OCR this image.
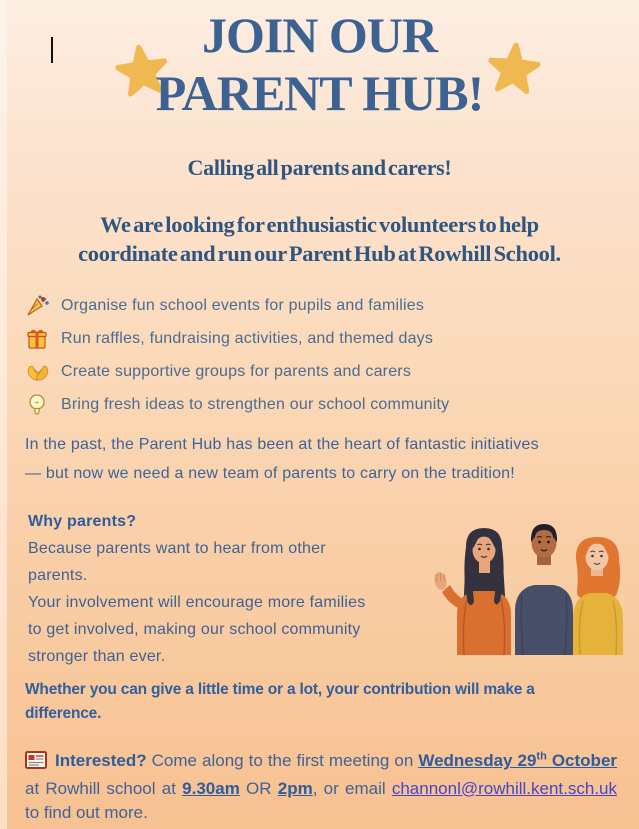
JOIN OUR
PARENT HUB!
Calling all parents and carers!
We are looking for enthusiastic volunteers to help
coordinate and run our Parent Hub at Rowhill School.
Organise fun school events for pupils and families
Run raffles, fundraising activities, and themed days
Create supportive groups for parents and carers
Bring fresh ideas to strengthen our school community
In the past, the Parent Hub has been at the heart of fantastic initiatives
— but now we need a new team of parents to carry on the tradition!
Why parents?
Because parents want to hear from other
parents.
Your involvement will encourage more families
to get involved, making our school community
stronger than ever.
Whether you can give a little time or a lot, your contribution will make a
difference.
Interested? Come along to the first meeting on Wednesday 29th October at Rowhill school at 9.30am OR 2pm, or email channonl@rowhill.kent.sch.uk to find out more.
